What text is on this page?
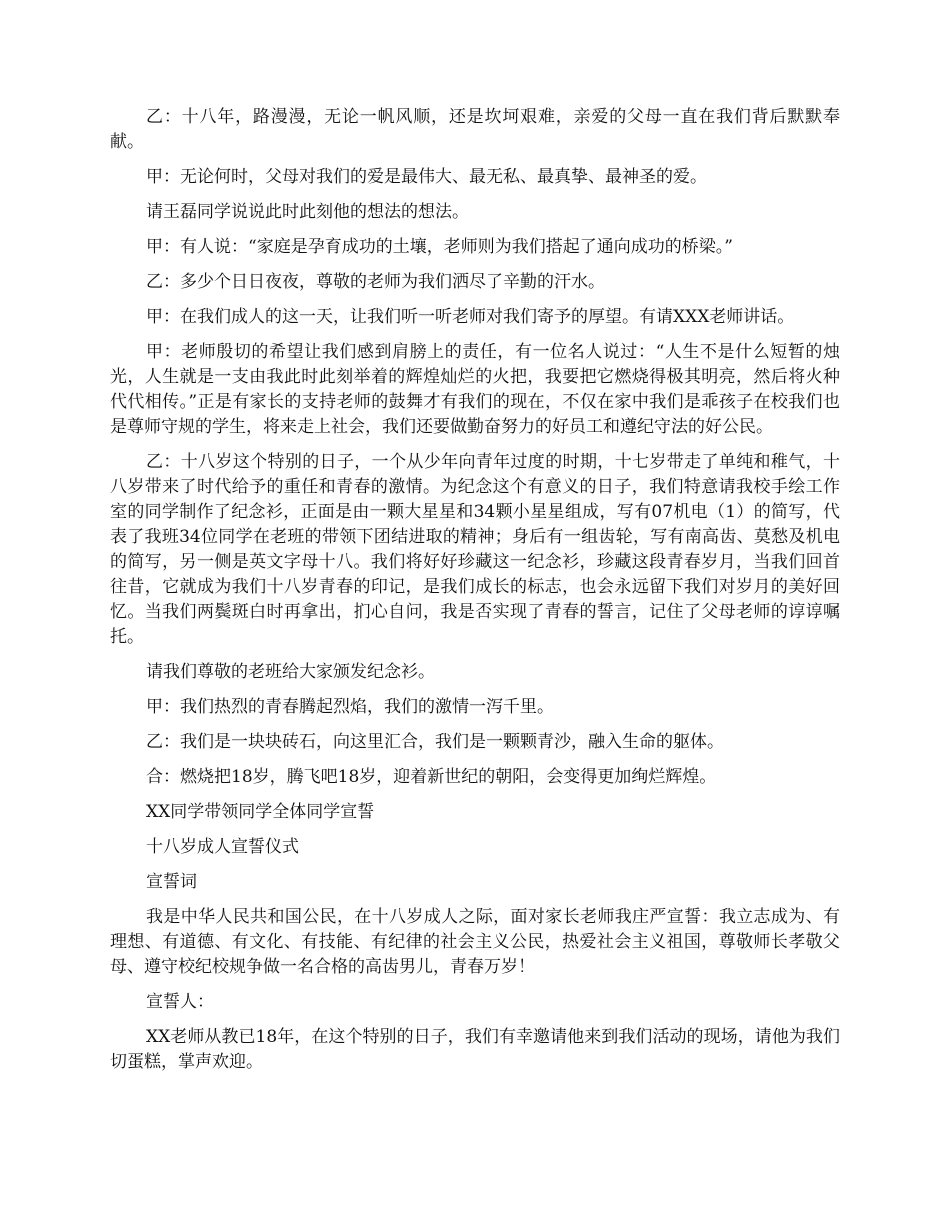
乙：十八年，路漫漫，无论一帆风顺，还是坎坷艰难，亲爱的父母一直在我们背后默默奉献。

甲：无论何时，父母对我们的爱是最伟大、最无私、最真挚、最神圣的爱。

请王磊同学说说此时此刻他的想法的想法。

甲：有人说：“家庭是孕育成功的土壤，老师则为我们搭起了通向成功的桥梁。”

乙：多少个日日夜夜，尊敬的老师为我们洒尽了辛勤的汗水。

甲：在我们成人的这一天，让我们听一听老师对我们寄予的厚望。有请XXX老师讲话。

甲：老师殷切的希望让我们感到肩膀上的责任，有一位名人说过：“人生不是什么短暂的烛光，人生就是一支由我此时此刻举着的辉煌灿烂的火把，我要把它燃烧得极其明亮，然后将火种代代相传。”正是有家长的支持老师的鼓舞才有我们的现在，不仅在家中我们是乖孩子在校我们也是尊师守规的学生，将来走上社会，我们还要做勤奋努力的好员工和遵纪守法的好公民。

乙：十八岁这个特别的日子，一个从少年向青年过度的时期，十七岁带走了单纯和稚气，十八岁带来了时代给予的重任和青春的激情。为纪念这个有意义的日子，我们特意请我校手绘工作室的同学制作了纪念衫，正面是由一颗大星星和34颗小星星组成，写有07机电（1）的简写，代表了我班34位同学在老班的带领下团结进取的精神；身后有一组齿轮，写有南高齿、莫愁及机电的简写，另一侧是英文字母十八。我们将好好珍藏这一纪念衫，珍藏这段青春岁月，当我们回首往昔，它就成为我们十八岁青春的印记，是我们成长的标志，也会永远留下我们对岁月的美好回忆。当我们两鬓斑白时再拿出，扪心自问，我是否实现了青春的誓言，记住了父母老师的谆谆嘱托。

请我们尊敬的老班给大家颁发纪念衫。

甲：我们热烈的青春腾起烈焰，我们的激情一泻千里。

乙：我们是一块块砖石，向这里汇合，我们是一颗颗青沙，融入生命的躯体。

合：燃烧把18岁，腾飞吧18岁，迎着新世纪的朝阳，会变得更加绚烂辉煌。

XX同学带领同学全体同学宣誓

十八岁成人宣誓仪式

宣誓词

我是中华人民共和国公民，在十八岁成人之际，面对家长老师我庄严宣誓：我立志成为、有理想、有道德、有文化、有技能、有纪律的社会主义公民，热爱社会主义祖国，尊敬师长孝敬父母、遵守校纪校规争做一名合格的高齿男儿，青春万岁！

宣誓人：

XX老师从教已18年，在这个特别的日子，我们有幸邀请他来到我们活动的现场，请他为我们切蛋糕，掌声欢迎。
